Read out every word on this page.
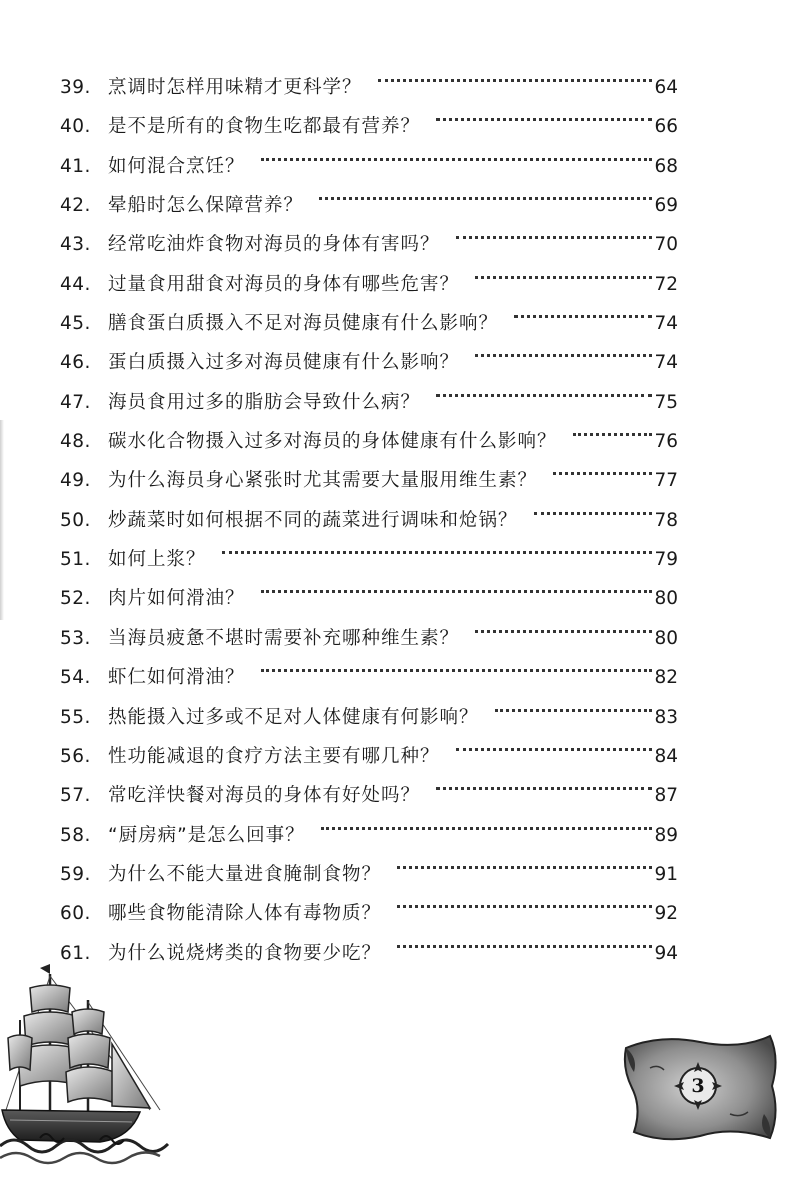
39. 烹调时怎样用味精才更科学？	64
40. 是不是所有的食物生吃都最有营养？	66
41. 如何混合烹饪？	68
42. 晕船时怎么保障营养？	69
43. 经常吃油炸食物对海员的身体有害吗？	70
44. 过量食用甜食对海员的身体有哪些危害？	72
45. 膳食蛋白质摄入不足对海员健康有什么影响？	74
46. 蛋白质摄入过多对海员健康有什么影响？	74
47. 海员食用过多的脂肪会导致什么病？	75
48. 碳水化合物摄入过多对海员的身体健康有什么影响？	76
49. 为什么海员身心紧张时尤其需要大量服用维生素？	77
50. 炒蔬菜时如何根据不同的蔬菜进行调味和炝锅？	78
51. 如何上浆？	79
52. 肉片如何滑油？	80
53. 当海员疲惫不堪时需要补充哪种维生素？	80
54. 虾仁如何滑油？	82
55. 热能摄入过多或不足对人体健康有何影响？	83
56. 性功能减退的食疗方法主要有哪几种？	84
57. 常吃洋快餐对海员的身体有好处吗？	87
58. “厨房病”是怎么回事？	89
59. 为什么不能大量进食腌制食物？	91
60. 哪些食物能清除人体有毒物质？	92
61. 为什么说烧烤类的食物要少吃？	94
3
